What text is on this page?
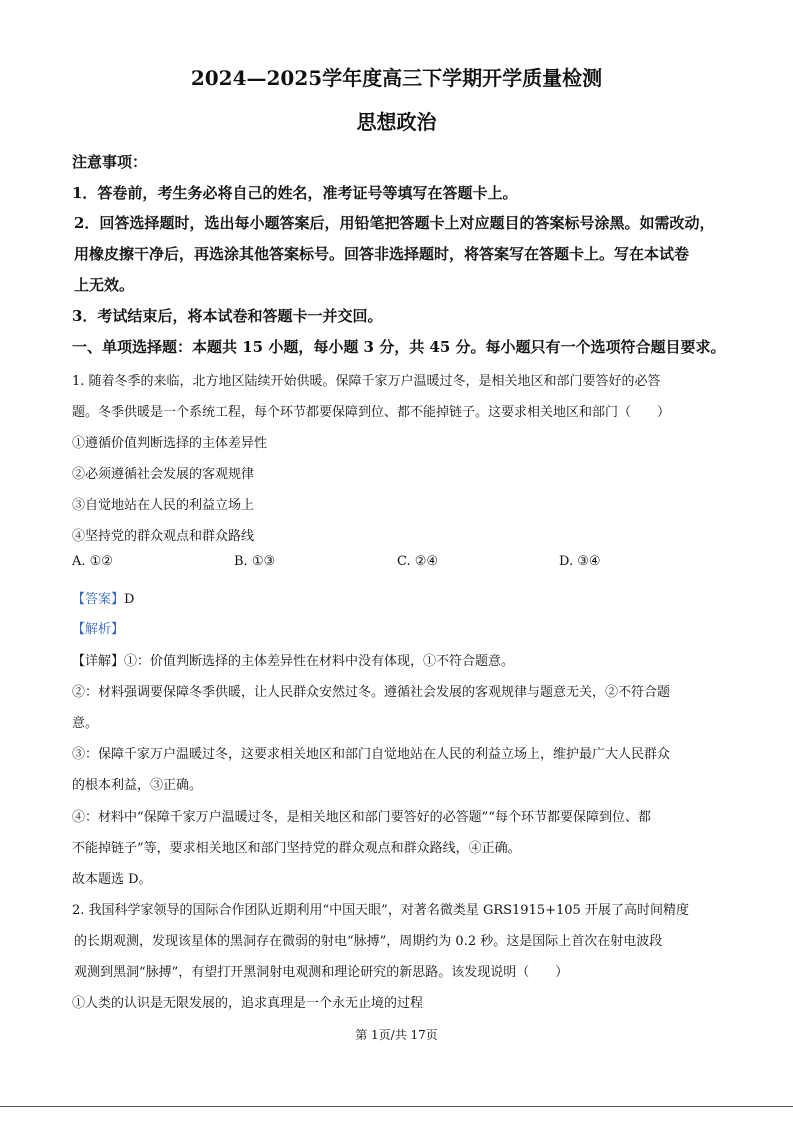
2024—2025学年度高三下学期开学质量检测
思想政治
注意事项：
1．答卷前，考生务必将自己的姓名，准考证号等填写在答题卡上。
2．回答选择题时，选出每小题答案后，用铅笔把答题卡上对应题目的答案标号涂黑。如需改动，
用橡皮擦干净后，再选涂其他答案标号。回答非选择题时，将答案写在答题卡上。写在本试卷
上无效。
3．考试结束后，将本试卷和答题卡一并交回。
一、单项选择题：本题共 15 小题，每小题 3 分，共 45 分。每小题只有一个选项符合题目要求。
1. 随着冬季的来临，北方地区陆续开始供暖。保障千家万户温暖过冬，是相关地区和部门要答好的必答
题。冬季供暖是一个系统工程，每个环节都要保障到位、都不能掉链子。这要求相关地区和部门（　　）
①遵循价值判断选择的主体差异性
②必须遵循社会发展的客观规律
③自觉地站在人民的利益立场上
④坚持党的群众观点和群众路线
A. ①②	B. ①③	C. ②④	D. ③④
【答案】D
【解析】
【详解】①：价值判断选择的主体差异性在材料中没有体现，①不符合题意。
②：材料强调要保障冬季供暖，让人民群众安然过冬。遵循社会发展的客观规律与题意无关，②不符合题
意。
③：保障千家万户温暖过冬，这要求相关地区和部门自觉地站在人民的利益立场上，维护最广大人民群众
的根本利益，③正确。
④：材料中“保障千家万户温暖过冬，是相关地区和部门要答好的必答题”“每个环节都要保障到位、都
不能掉链子”等，要求相关地区和部门坚持党的群众观点和群众路线，④正确。
故本题选 D。
2. 我国科学家领导的国际合作团队近期利用“中国天眼”，对著名微类星 GRS1915+105 开展了高时间精度
的长期观测，发现该星体的黑洞存在微弱的射电“脉搏”，周期约为 0.2 秒。这是国际上首次在射电波段
观测到黑洞“脉搏”，有望打开黑洞射电观测和理论研究的新思路。该发现说明（　　）
①人类的认识是无限发展的，追求真理是一个永无止境的过程
第 1页/共 17页
